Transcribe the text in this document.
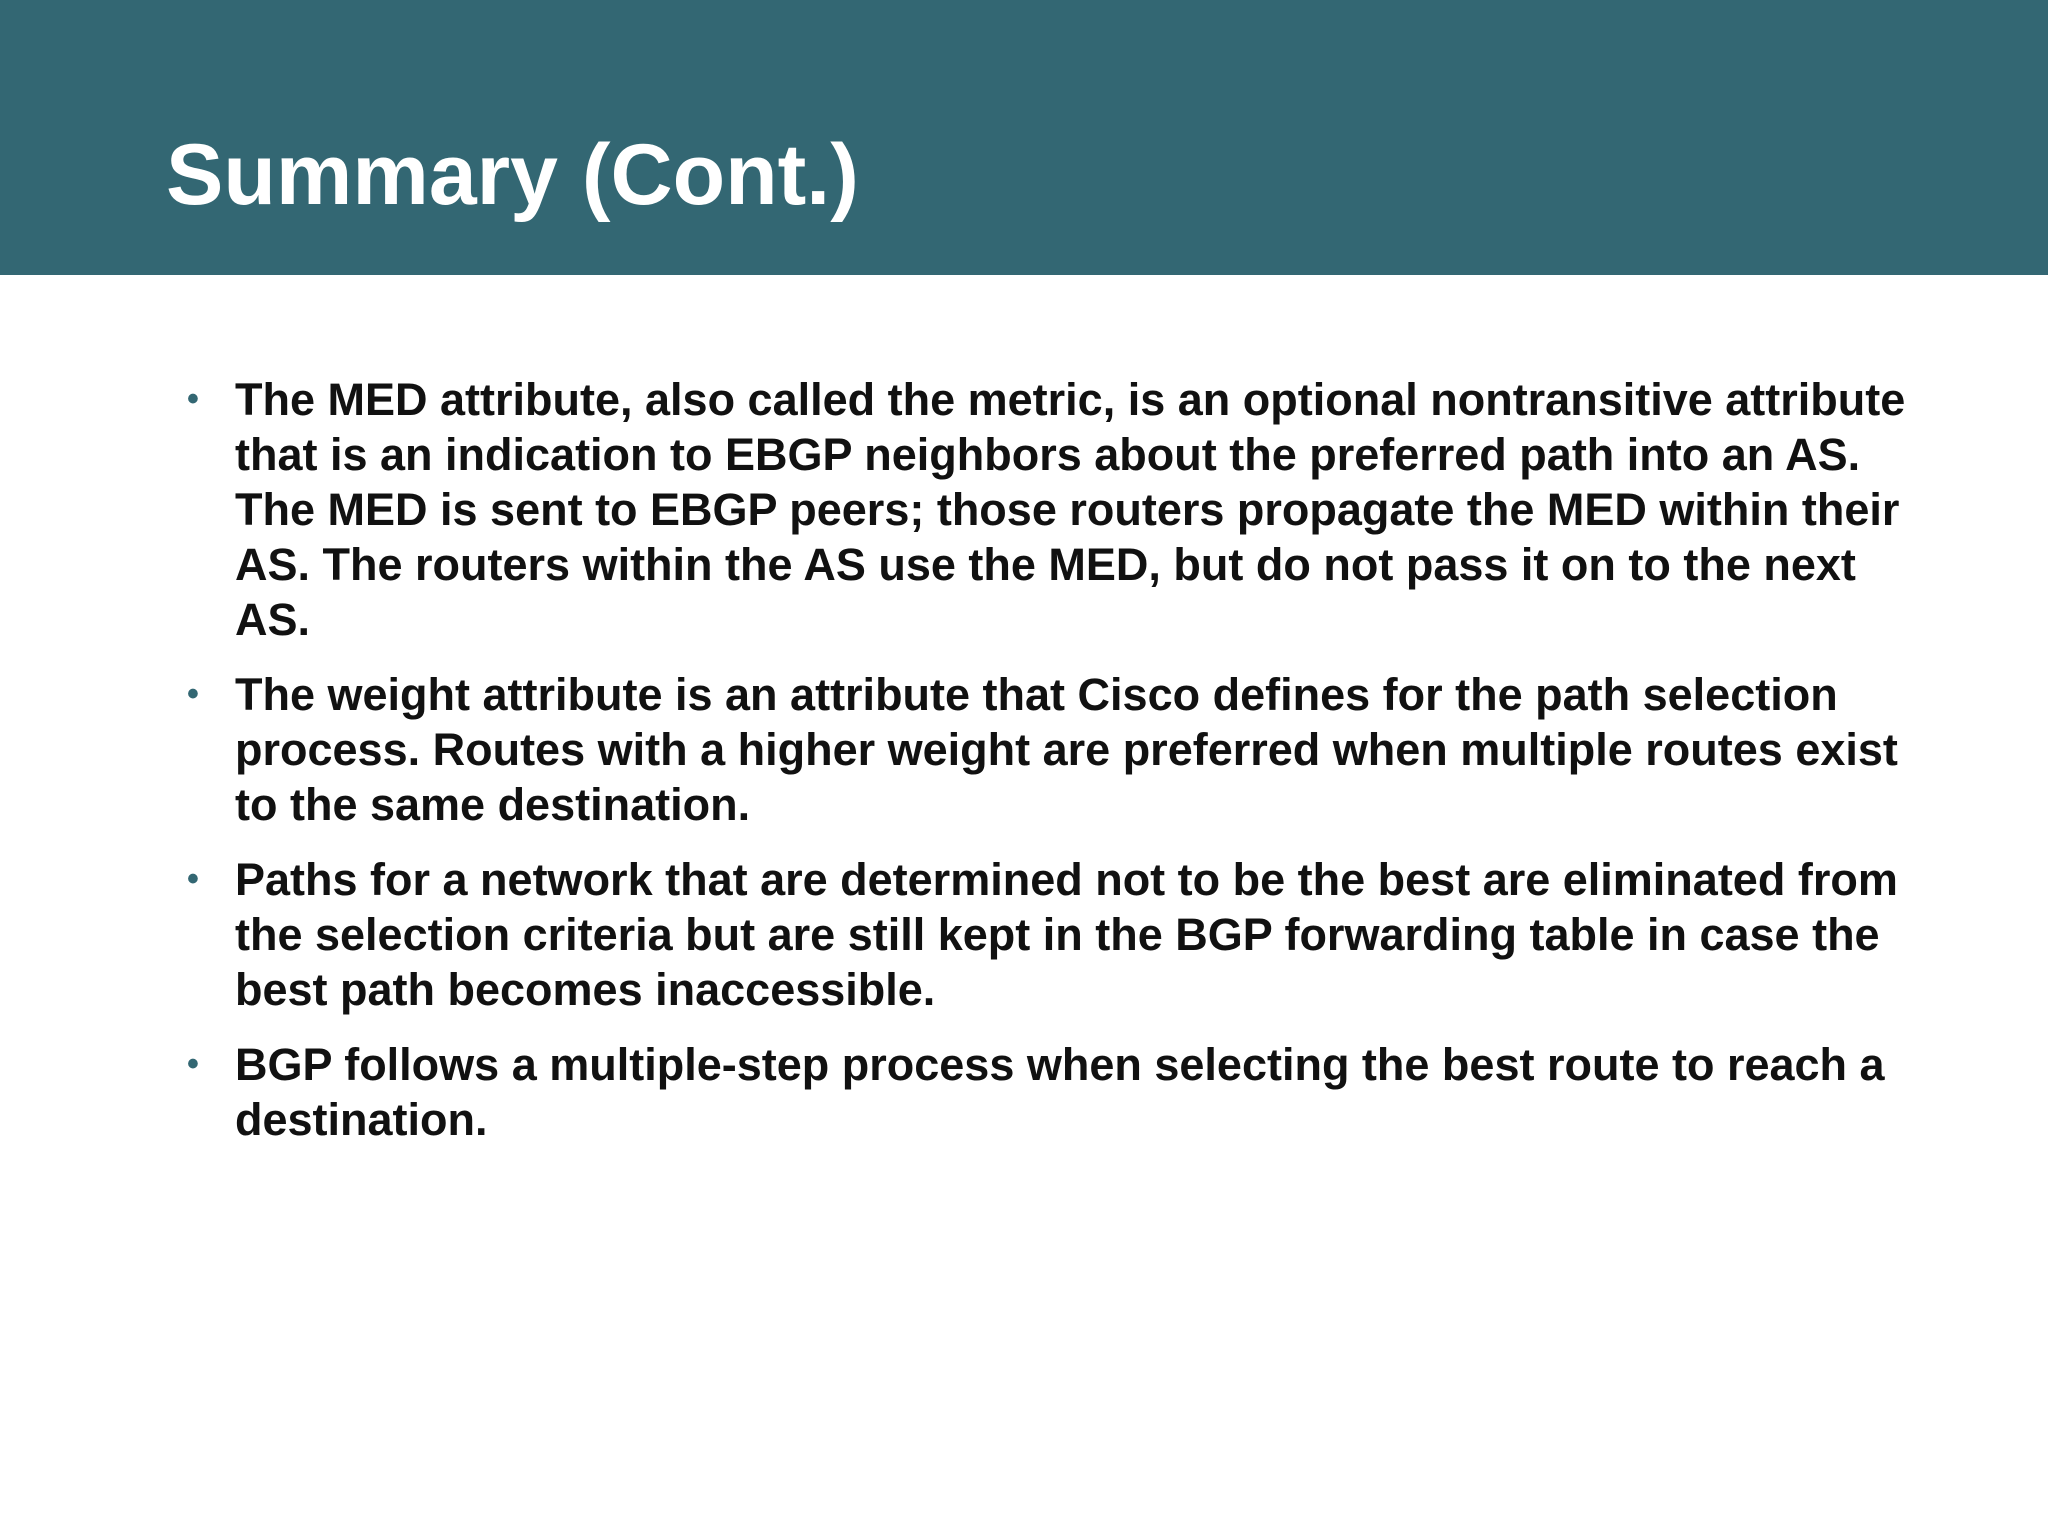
Summary (Cont.)
• The MED attribute, also called the metric, is an optional nontransitive attribute that is an indication to EBGP neighbors about the preferred path into an AS. The MED is sent to EBGP peers; those routers propagate the MED within their AS. The routers within the AS use the MED, but do not pass it on to the next AS.
• The weight attribute is an attribute that Cisco defines for the path selection process. Routes with a higher weight are preferred when multiple routes exist to the same destination.
• Paths for a network that are determined not to be the best are eliminated from the selection criteria but are still kept in the BGP forwarding table in case the best path becomes inaccessible.
• BGP follows a multiple-step process when selecting the best route to reach a destination.
